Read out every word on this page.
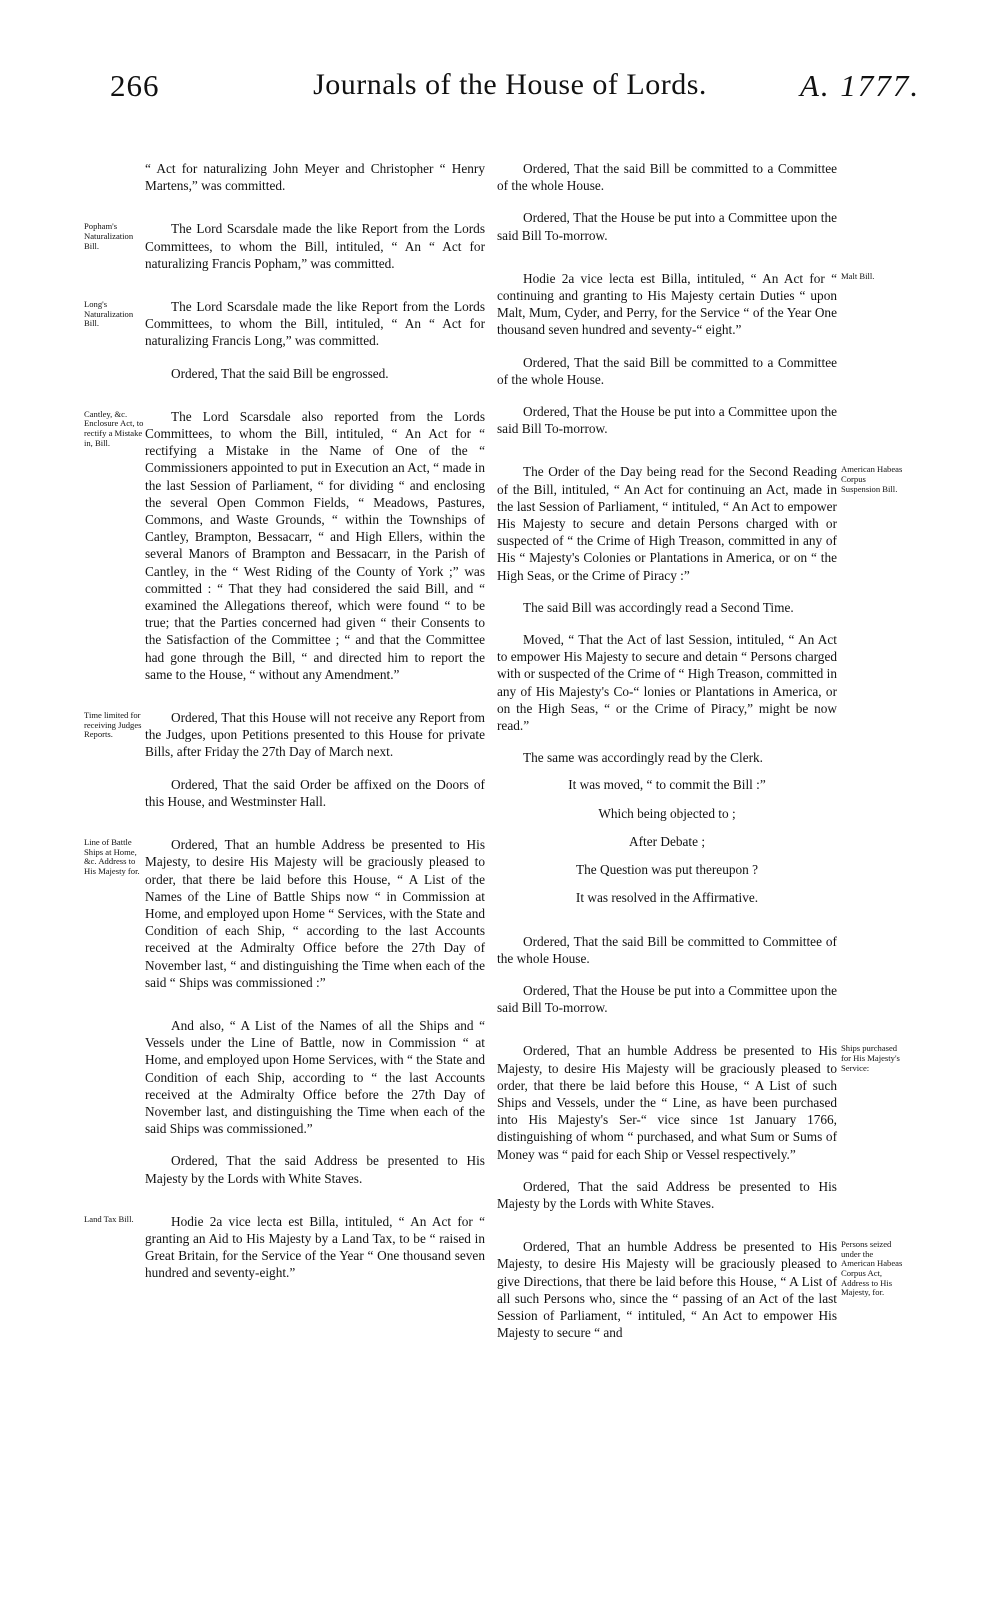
266	Journals of the House of Lords.	A. 1777.
“ Act for naturalizing John Meyer and Christopher “ Henry Martens,” was committed.
Popham's Naturalization Bill.
The Lord Scarsdale made the like Report from the Lords Committees, to whom the Bill, intituled, “ An “ Act for naturalizing Francis Popham,” was committed.
Long's Naturalization Bill.
The Lord Scarsdale made the like Report from the Lords Committees, to whom the Bill, intituled, “ An “ Act for naturalizing Francis Long,” was committed.
Ordered, That the said Bill be engrossed.
Cantley, &c. Enclosure Act, to rectify a Mistake in, Bill.
The Lord Scarsdale also reported from the Lords Committees, to whom the Bill, intituled, “ An Act for “ rectifying a Mistake in the Name of One of the “ Commissioners appointed to put in Execution an Act, “ made in the last Session of Parliament, “ for dividing “ and enclosing the several Open Common Fields, “ Meadows, Pastures, Commons, and Waste Grounds, “ within the Townships of Cantley, Brampton, Bessacarr, “ and High Ellers, within the several Manors of Brampton and Bessacarr, in the Parish of Cantley, in the “ West Riding of the County of York ;” was committed : “ That they had considered the said Bill, and “ examined the Allegations thereof, which were found “ to be true; that the Parties concerned had given “ their Consents to the Satisfaction of the Committee ; “ and that the Committee had gone through the Bill, “ and directed him to report the same to the House, “ without any Amendment.”
Time limited for receiving Judges Reports.
Ordered, That this House will not receive any Report from the Judges, upon Petitions presented to this House for private Bills, after Friday the 27th Day of March next.
Ordered, That the said Order be affixed on the Doors of this House, and Westminster Hall.
Line of Battle Ships at Home, &c. Address to His Majesty for.
Ordered, That an humble Address be presented to His Majesty, to desire His Majesty will be graciously pleased to order, that there be laid before this House, “ A List of the Names of the Line of Battle Ships now “ in Commission at Home, and employed upon Home “ Services, with the State and Condition of each Ship, “ according to the last Accounts received at the Admiralty Office before the 27th Day of November last, “ and distinguishing the Time when each of the said “ Ships was commissioned :”
And also, “ A List of the Names of all the Ships and “ Vessels under the Line of Battle, now in Commission “ at Home, and employed upon Home Services, with “ the State and Condition of each Ship, according to “ the last Accounts received at the Admiralty Office before the 27th Day of November last, and distinguishing the Time when each of the said Ships was commissioned.”
Ordered, That the said Address be presented to His Majesty by the Lords with White Staves.
Land Tax Bill.	Hodie 2a vice lecta est Billa, intituled, “ An Act for “ granting an Aid to His Majesty by a Land Tax, to be “ raised in Great Britain, for the Service of the Year “ One thousand seven hundred and seventy-eight.”
Ordered, That the said Bill be committed to a Committee of the whole House.
Ordered, That the House be put into a Committee upon the said Bill To-morrow.
Malt Bill.
Hodie 2a vice lecta est Billa, intituled, “ An Act for “ continuing and granting to His Majesty certain Duties “ upon Malt, Mum, Cyder, and Perry, for the Service “ of the Year One thousand seven hundred and seventy-“ eight.”
Ordered, That the said Bill be committed to a Committee of the whole House.
Ordered, That the House be put into a Committee upon the said Bill To-morrow.
American Habeas Corpus Suspension Bill.
The Order of the Day being read for the Second Reading of the Bill, intituled, “ An Act for continuing an Act, made in the last Session of Parliament, “ intituled, “ An Act to empower His Majesty to secure and detain Persons charged with or suspected of “ the Crime of High Treason, committed in any of His “ Majesty's Colonies or Plantations in America, or on “ the High Seas, or the Crime of Piracy :”
The said Bill was accordingly read a Second Time.
Moved, “ That the Act of last Session, intituled, “ An Act to empower His Majesty to secure and detain “ Persons charged with or suspected of the Crime of “ High Treason, committed in any of His Majesty's Co-“ lonies or Plantations in America, or on the High Seas, “ or the Crime of Piracy,” might be now read.”
The same was accordingly read by the Clerk.
It was moved, “ to commit the Bill :”
Which being objected to ;
After Debate ;
The Question was put thereupon ?
It was resolved in the Affirmative.
Ordered, That the said Bill be committed to Committee of the whole House.
Ordered, That the House be put into a Committee upon the said Bill To-morrow.
Ships purchased for His Majesty's Service:
Ordered, That an humble Address be presented to His Majesty, to desire His Majesty will be graciously pleased to order, that there be laid before this House, “ A List of such Ships and Vessels, under the “ Line, as have been purchased into His Majesty's Ser-“ vice since 1st January 1766, distinguishing of whom “ purchased, and what Sum or Sums of Money was “ paid for each Ship or Vessel respectively.”
Ordered, That the said Address be presented to His Majesty by the Lords with White Staves.
Persons seized under the American Habeas Corpus Act, Address to His Majesty, for.
Ordered, That an humble Address be presented to His Majesty, to desire His Majesty will be graciously pleased to give Directions, that there be laid before this House, “ A List of all such Persons who, since the “ passing of an Act of the last Session of Parliament, “ intituled, “ An Act to empower His Majesty to secure “ and
